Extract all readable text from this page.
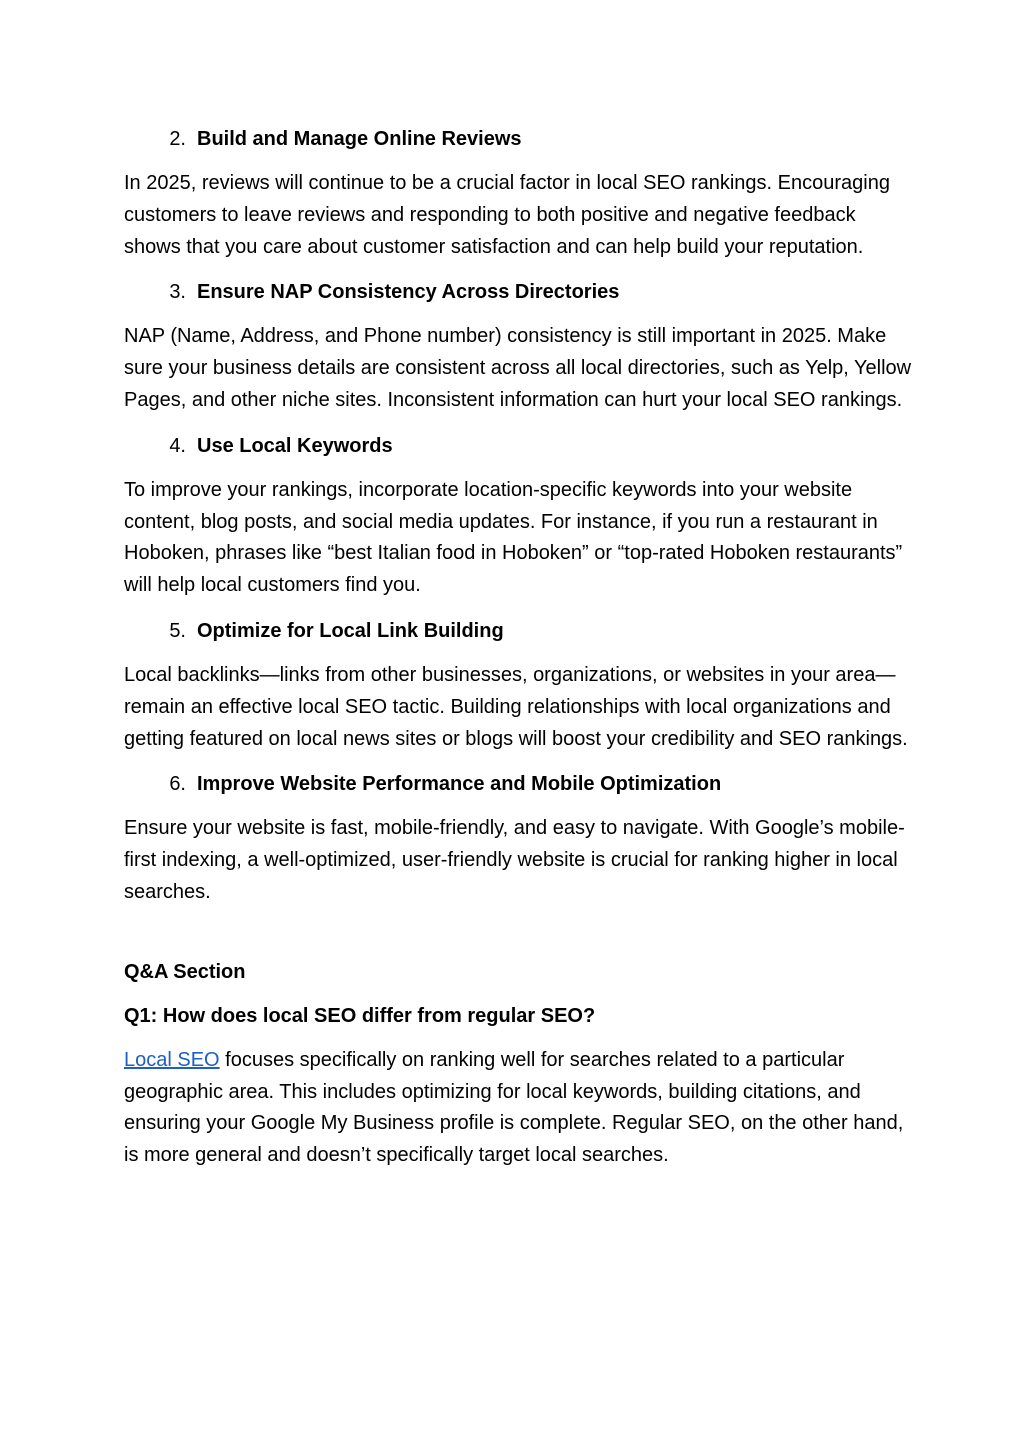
2. Build and Manage Online Reviews

In 2025, reviews will continue to be a crucial factor in local SEO rankings. Encouraging customers to leave reviews and responding to both positive and negative feedback shows that you care about customer satisfaction and can help build your reputation.

3. Ensure NAP Consistency Across Directories

NAP (Name, Address, and Phone number) consistency is still important in 2025. Make sure your business details are consistent across all local directories, such as Yelp, Yellow Pages, and other niche sites. Inconsistent information can hurt your local SEO rankings.

4. Use Local Keywords

To improve your rankings, incorporate location-specific keywords into your website content, blog posts, and social media updates. For instance, if you run a restaurant in Hoboken, phrases like “best Italian food in Hoboken” or “top-rated Hoboken restaurants” will help local customers find you.

5. Optimize for Local Link Building

Local backlinks—links from other businesses, organizations, or websites in your area—remain an effective local SEO tactic. Building relationships with local organizations and getting featured on local news sites or blogs will boost your credibility and SEO rankings.

6. Improve Website Performance and Mobile Optimization

Ensure your website is fast, mobile-friendly, and easy to navigate. With Google’s mobile-first indexing, a well-optimized, user-friendly website is crucial for ranking higher in local searches.

Q&A Section
Q1: How does local SEO differ from regular SEO?

Local SEO focuses specifically on ranking well for searches related to a particular geographic area. This includes optimizing for local keywords, building citations, and ensuring your Google My Business profile is complete. Regular SEO, on the other hand, is more general and doesn’t specifically target local searches.
